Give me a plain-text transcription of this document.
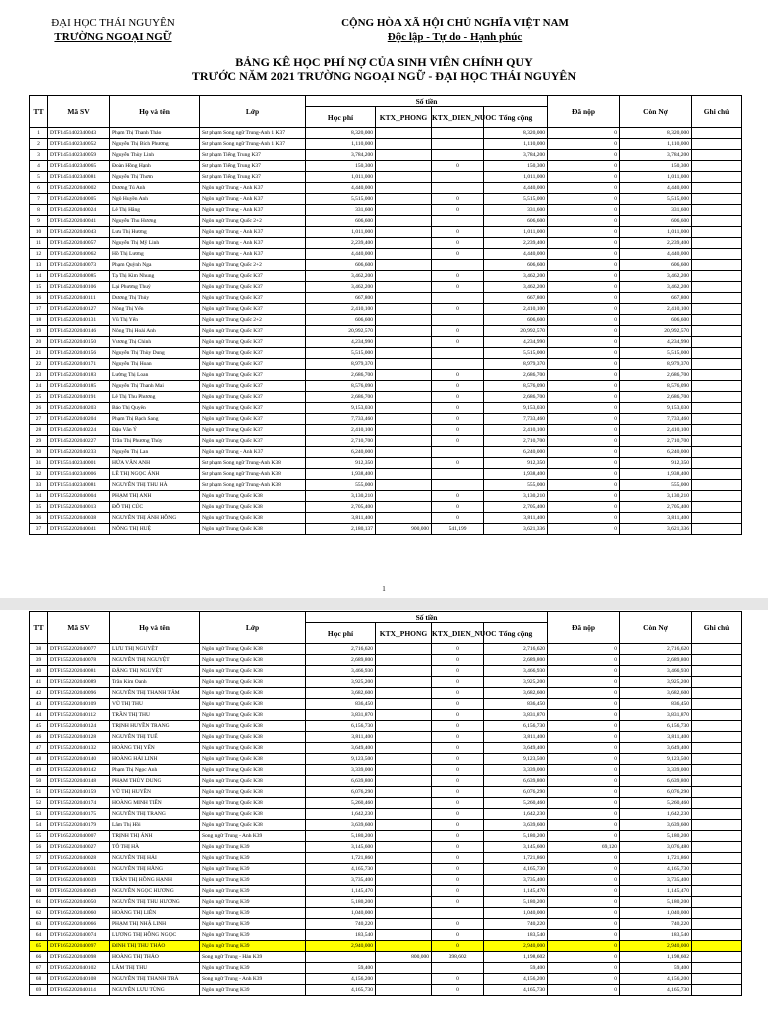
ĐẠI HỌC THÁI NGUYÊN
TRƯỜNG NGOẠI NGỮ
CỘNG HÒA XÃ HỘI CHỦ NGHĨA VIỆT NAM
Độc lập - Tự do - Hạnh phúc
BẢNG KÊ HỌC PHÍ NỢ CỦA SINH VIÊN CHÍNH QUY
TRƯỚC NĂM 2021 TRƯỜNG NGOẠI NGỮ - ĐẠI HỌC THÁI NGUYÊN
TT	Mã SV	Họ và tên	Lớp	Số tiền				Đã nộp	Còn Nợ	Ghi chú
				Học phí	KTX_PHONG	KTX_DIEN_NUOC	Tổng cộng			
1	DTF1451402340043	Phạm Thị Thanh Thảo	Sư phạm Song ngữ Trung-Anh 1 K37	8,320,000			8,320,000	0	8,320,000	
2	DTF1451402340052	Nguyễn Thị Bích Phương	Sư phạm Song ngữ Trung-Anh 1 K37	1,110,000			1,110,000	0	1,110,000	
3	DTF1451402340059	Nguyễn Thùy Linh	Sư phạm Tiếng Trung K37	3,784,200			3,784,200	0	3,784,200	
4	DTF1451402340065	Đoàn Hồng Hạnh	Sư phạm Tiếng Trung K37	150,300		0	150,300	0	150,300	
5	DTF1451402340081	Nguyễn Thị Thơm	Sư phạm Tiếng Trung K37	1,011,000			1,011,000	0	1,011,000	
6	DTF1452202040002	Dương Tú Anh	Ngôn ngữ Trung - Anh K37	4,440,000			4,440,000	0	4,440,000	
7	DTF1452202040005	Ngô Huyền Anh	Ngôn ngữ Trung - Anh K37	5,515,000		0	5,515,000	0	5,515,000	
8	DTF1452202040024	Lê Thị Hằng	Ngôn ngữ Trung - Anh K37	331,600		0	331,600	0	331,600	
9	DTF1452202040041	Nguyễn Thu Hương	Ngôn ngữ Trung Quốc 2+2	606,600			606,600	0	606,600	
10	DTF1452202040043	Lưu Thị Hương	Ngôn ngữ Trung - Anh K37	1,011,000		0	1,011,000	0	1,011,000	
11	DTF1452202040057	Nguyễn Thị Mỹ Linh	Ngôn ngữ Trung - Anh K37	2,239,400		0	2,239,400	0	2,239,400	
12	DTF1452202040062	Hồ Thị Lương	Ngôn ngữ Trung - Anh K37	4,440,000		0	4,440,000	0	4,440,000	
13	DTF1452202040073	Phạm Quỳnh Nga	Ngôn ngữ Trung Quốc 2+2	606,600			606,600	0	606,600	
14	DTF1452202040085	Tạ Thị Kim Nhung	Ngôn ngữ Trung Quốc K37	3,462,200		0	3,462,200	0	3,462,200	
15	DTF1452202040106	Lại Phương Thuý	Ngôn ngữ Trung Quốc K37	3,462,200		0	3,462,200	0	3,462,200	
16	DTF1452202040111	Dương Thị Thủy	Ngôn ngữ Trung Quốc K37	667,800			667,800	0	667,800	
17	DTF1452202040127	Nông Thị Yến	Ngôn ngữ Trung Quốc K37	2,410,100		0	2,410,100	0	2,410,100	
18	DTF1452202040131	Vũ Thị Yến	Ngôn ngữ Trung Quốc 2+2	606,600			606,600	0	606,600	
19	DTF1452202040146	Nông Thị Hoài Anh	Ngôn ngữ Trung Quốc K37	20,992,570		0	20,992,570	0	20,992,570	
20	DTF1452202040150	Vương Thị Chinh	Ngôn ngữ Trung Quốc K37	4,234,990		0	4,234,990	0	4,234,990	
21	DTF1452202040156	Nguyễn Thị Thùy Dung	Ngôn ngữ Trung Quốc K37	5,515,000			5,515,000	0	5,515,000	
22	DTF1452202040171	Nguyễn Thị Hoan	Ngôn ngữ Trung Quốc K37	8,979,370			8,979,370	0	8,979,370	
23	DTF1452202040183	Lường Thị Loan	Ngôn ngữ Trung Quốc K37	2,686,700		0	2,686,700	0	2,686,700	
24	DTF1452202040185	Nguyễn Thị Thanh Mai	Ngôn ngữ Trung Quốc K37	8,576,090		0	8,576,090	0	8,576,090	
25	DTF1452202040191	Lê Thị Thu Phương	Ngôn ngữ Trung Quốc K37	2,686,700		0	2,686,700	0	2,686,700	
26	DTF1452202040203	Bảo Thị Quyên	Ngôn ngữ Trung Quốc K37	9,153,030		0	9,153,030	0	9,153,030	
27	DTF1452202040204	Phạm Thị Bạch Sang	Ngôn ngữ Trung Quốc K37	7,733,460		0	7,733,460	0	7,733,460	
28	DTF1452202040224	Đậu Văn Ý	Ngôn ngữ Trung Quốc K37	2,410,100		0	2,410,100	0	2,410,100	
29	DTF1452202040227	Trần Thị Phương Thúy	Ngôn ngữ Trung Quốc K37	2,710,700		0	2,710,700	0	2,710,700	
30	DTF1452202040233	Nguyễn Thị Lan	Ngôn ngữ Trung - Anh K37	6,240,000			6,240,000	0	6,240,000	
31	DTF1551402340001	HỨA VÂN ANH	Sư phạm Song ngữ Trung-Anh K38	912,350		0	912,350	0	912,350	
32	DTF1551402340006	LÊ THỊ NGỌC ÁNH	Sư phạm Song ngữ Trung-Anh K38	1,938,400			1,938,400	0	1,938,400	
33	DTF1551402340081	NGUYỄN THỊ THU HÀ	Sư phạm Song ngữ Trung-Anh K38	555,000			555,000	0	555,000	
34	DTF1552202040004	PHẠM THỊ ANH	Ngôn ngữ Trung Quốc K38	3,130,210		0	3,130,210	0	3,130,210	
35	DTF1552202040013	ĐỖ THỊ CÚC	Ngôn ngữ Trung Quốc K38	2,705,400		0	2,705,400	0	2,705,400	
36	DTF1552202040038	NGUYỄN THỊ ÁNH HỒNG	Ngôn ngữ Trung Quốc K38	3,811,400		0	3,811,400	0	3,811,400	
37	DTF1552202040041	NÔNG THỊ HUỆ	Ngôn ngữ Trung Quốc K38	2,180,137	900,000	541,199	3,621,336	0	3,621,336	
1
TT	Mã SV	Họ và tên	Lớp	Số tiền				Đã nộp	Còn Nợ	Ghi chú
				Học phí	KTX_PHONG	KTX_DIEN_NUOC	Tổng cộng			
38	DTF1552202040077	LƯU THỊ NGUYỆT	Ngôn ngữ Trung Quốc K38	2,716,620		0	2,716,620	0	2,716,620	
39	DTF1552202040078	NGUYỄN THỊ NGUYỆT	Ngôn ngữ Trung Quốc K38	2,689,800		0	2,689,800	0	2,689,800	
40	DTF1552202040081	ĐẶNG THỊ NGUYỆT	Ngôn ngữ Trung Quốc K38	3,466,930		0	3,466,930	0	3,466,930	
41	DTF1552202040089	Trần Kim Oanh	Ngôn ngữ Trung Quốc K38	3,925,200		0	3,925,200	0	3,925,200	
42	DTF1552202040096	NGUYỄN THỊ THANH TÂM	Ngôn ngữ Trung Quốc K38	3,682,600		0	3,682,600	0	3,682,600	
43	DTF1552202040109	VŨ THỊ THU	Ngôn ngữ Trung Quốc K38	836,450		0	836,450	0	836,450	
44	DTF1552202040112	TRẦN THỊ THU	Ngôn ngữ Trung Quốc K38	3,831,870		0	3,831,870	0	3,831,870	
45	DTF1552202040124	TRỊNH HUYỀN TRANG	Ngôn ngữ Trung Quốc K38	6,156,730		0	6,156,730	0	6,156,730	
46	DTF1552202040128	NGUYỄN THỊ TUẾ	Ngôn ngữ Trung Quốc K38	3,811,400		0	3,811,400	0	3,811,400	
47	DTF1552202040132	HOÀNG THỊ YẾN	Ngôn ngữ Trung Quốc K38	3,649,400		0	3,649,400	0	3,649,400	
48	DTF1552202040140	HOÀNG HẢI LINH	Ngôn ngữ Trung Quốc K38	9,123,500		0	9,123,500	0	9,123,500	
49	DTF1552202040142	Phạm Thị Ngọc Anh	Ngôn ngữ Trung Quốc K38	3,339,000		0	3,339,000	0	3,339,000	
50	DTF1552202040148	PHẠM THÙY DUNG	Ngôn ngữ Trung Quốc K38	6,639,800		0	6,639,800	0	6,639,800	
51	DTF1552202040159	VŨ THỊ HUYỀN	Ngôn ngữ Trung Quốc K38	6,076,290		0	6,076,290	0	6,076,290	
52	DTF1552202040174	HOÀNG MINH TIẾN	Ngôn ngữ Trung Quốc K38	5,260,460		0	5,260,460	0	5,260,460	
53	DTF1552202040175	NGUYỄN THỊ TRANG	Ngôn ngữ Trung Quốc K38	1,642,230		0	1,642,230	0	1,642,230	
54	DTF1552202040179	Lâm Thị Hồi	Ngôn ngữ Trung Quốc K38	3,639,600		0	3,639,600	0	3,639,600	
55	DTF1652202040007	TRỊNH THỊ ÁNH	Song ngữ Trung - Anh K39	5,180,200		0	5,180,200	0	5,180,200	
56	DTF1652202040027	TÔ THỊ HÀ	Ngôn ngữ Trung K39	3,145,600		0	3,145,600	69,120	3,076,480	
57	DTF1652202040028	NGUYỄN THỊ HẢI	Ngôn ngữ Trung K39	1,721,860		0	1,721,860	0	1,721,860	
58	DTF1652202040031	NGUYỄN THỊ HẰNG	Ngôn ngữ Trung K39	4,165,730		0	4,165,730	0	4,165,730	
59	DTF1652202040039	TRẦN THỊ HỒNG HẠNH	Ngôn ngữ Trung K39	3,735,400		0	3,735,400	0	3,735,400	
60	DTF1652202040049	NGUYỄN NGỌC HƯƠNG	Ngôn ngữ Trung K39	1,145,470		0	1,145,470	0	1,145,470	
61	DTF1652202040050	NGUYỄN THỊ THU HƯƠNG	Ngôn ngữ Trung K39	5,180,200		0	5,180,200	0	5,180,200	
62	DTF1652202040060	HOÀNG THỊ LIÊN	Ngôn ngữ Trung K39	1,040,000			1,040,000	0	1,040,000	
63	DTF1652202040066	PHẠM THỊ NHẬ LINH	Ngôn ngữ Trung K39	740,220		0	740,220	0	740,220	
64	DTF1652202040074	LƯƠNG THỊ HỒNG NGỌC	Ngôn ngữ Trung K39	183,540		0	183,540	0	183,540	
65	DTF1652202040097	ĐINH THỊ THU THẢO	Ngôn ngữ Trung K39	2,940,000		0	2,940,000	0	2,940,000	
66	DTF1652202040098	HOÀNG THỊ THẢO	Song ngữ Trung - Hàn K39		800,000	398,602	1,198,602	0	1,198,602	
67	DTF1652202040102	LÂM THỊ THU	Ngôn ngữ Trung K39	59,400			59,400	0	59,400	
68	DTF1652202040108	NGUYỄN THỊ THANH TRÀ	Song ngữ Trung - Anh K39	4,156,200		0	4,156,200	0	4,156,200	
69	DTF1652202040114	NGUYỄN LƯU TÙNG	Ngôn ngữ Trung K39	4,165,730		0	4,165,730	0	4,165,730	
